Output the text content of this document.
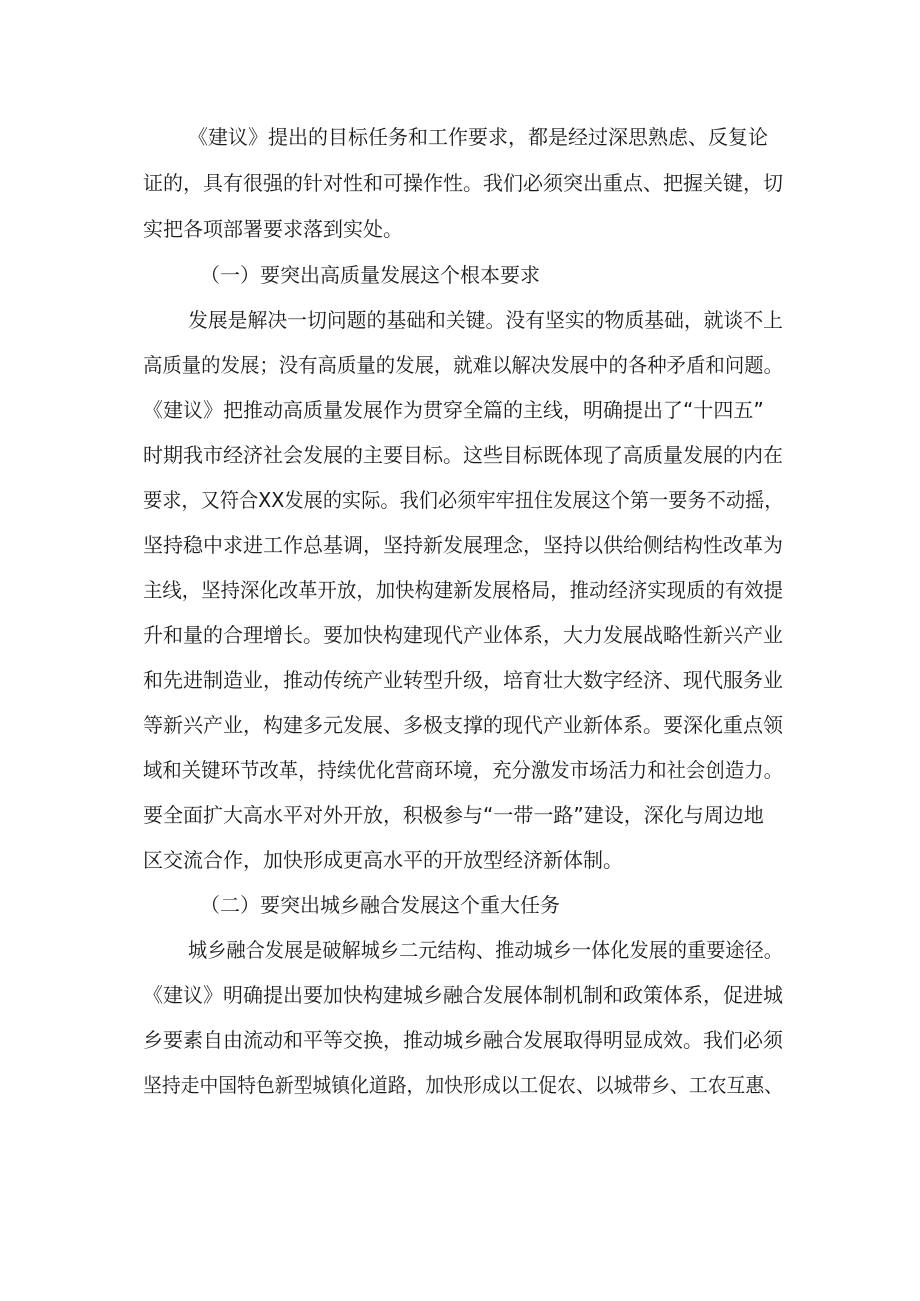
《建议》提出的目标任务和工作要求，都是经过深思熟虑、反复论
证的，具有很强的针对性和可操作性。我们必须突出重点、把握关键，切
实把各项部署要求落到实处。
（一）要突出高质量发展这个根本要求
发展是解决一切问题的基础和关键。没有坚实的物质基础，就谈不上
高质量的发展；没有高质量的发展，就难以解决发展中的各种矛盾和问题。
《建议》把推动高质量发展作为贯穿全篇的主线，明确提出了“十四五”
时期我市经济社会发展的主要目标。这些目标既体现了高质量发展的内在
要求，又符合XX发展的实际。我们必须牢牢扭住发展这个第一要务不动摇，
坚持稳中求进工作总基调，坚持新发展理念，坚持以供给侧结构性改革为
主线，坚持深化改革开放，加快构建新发展格局，推动经济实现质的有效提
升和量的合理增长。要加快构建现代产业体系，大力发展战略性新兴产业
和先进制造业，推动传统产业转型升级，培育壮大数字经济、现代服务业
等新兴产业，构建多元发展、多极支撑的现代产业新体系。要深化重点领
域和关键环节改革，持续优化营商环境，充分激发市场活力和社会创造力。
要全面扩大高水平对外开放，积极参与“一带一路”建设，深化与周边地
区交流合作，加快形成更高水平的开放型经济新体制。
（二）要突出城乡融合发展这个重大任务
城乡融合发展是破解城乡二元结构、推动城乡一体化发展的重要途径。
《建议》明确提出要加快构建城乡融合发展体制机制和政策体系，促进城
乡要素自由流动和平等交换，推动城乡融合发展取得明显成效。我们必须
坚持走中国特色新型城镇化道路，加快形成以工促农、以城带乡、工农互惠、
